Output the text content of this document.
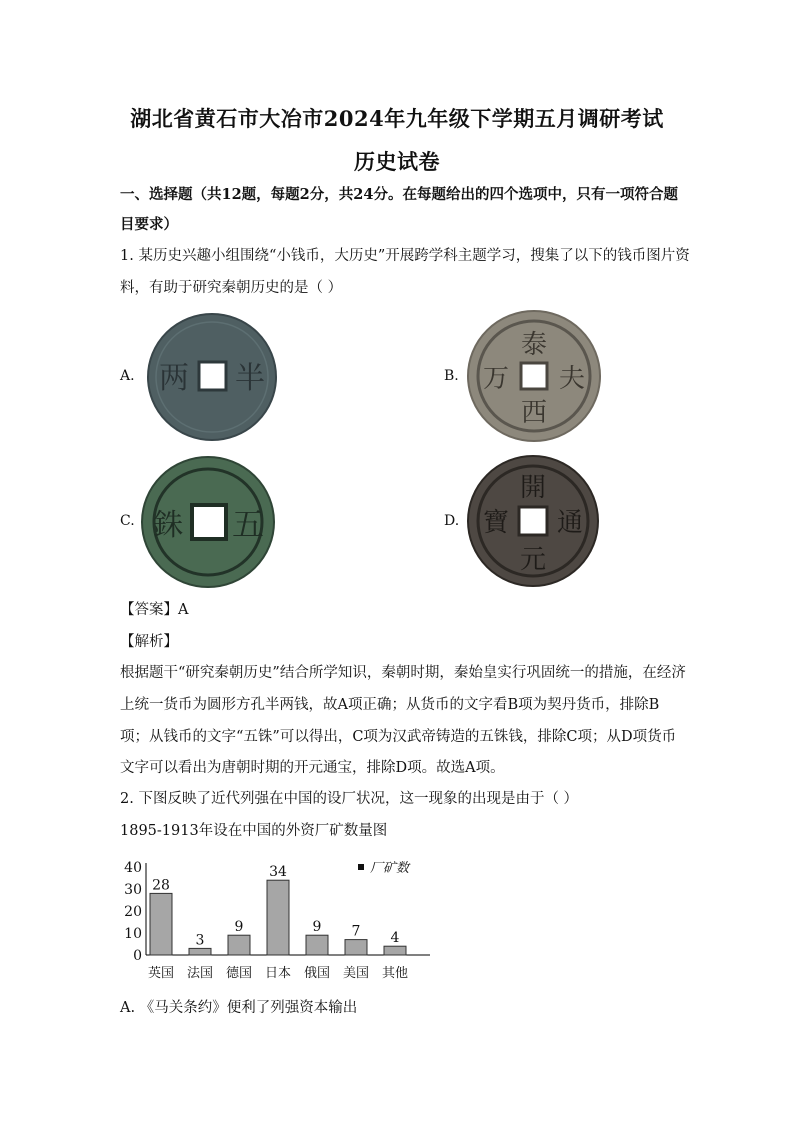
湖北省黄石市大冶市2024年九年级下学期五月调研考试
历史试卷
一、选择题（共12题，每题2分，共24分。在每题给出的四个选项中，只有一项符合题
目要求）
1. 某历史兴趣小组围绕“小钱币，大历史”开展跨学科主题学习，搜集了以下的钱币图片资
料，有助于研究秦朝历史的是（ ）
A.	半
两	B.
泰
夫
西
万
C.	五
銖	D.
開
通
元
寶
【答案】A
【解析】
根据题干“研究秦朝历史”结合所学知识，秦朝时期，秦始皇实行巩固统一的措施，在经济
上统一货币为圆形方孔半两钱，故A项正确；从货币的文字看B项为契丹货币，排除B
项；从钱币的文字“五铢”可以得出，C项为汉武帝铸造的五铢钱，排除C项；从D项货币
文字可以看出为唐朝时期的开元通宝，排除D项。故选A项。
2. 下图反映了近代列强在中国的设厂状况，这一现象的出现是由于（ ）
1895-1913年设在中国的外资厂矿数量图
0
10
20
30
40
28
英国
3
法国
9
德国
34
日本
9
俄国
7
美国
4
其他
厂矿数
A. 《马关条约》便利了列强资本输出
